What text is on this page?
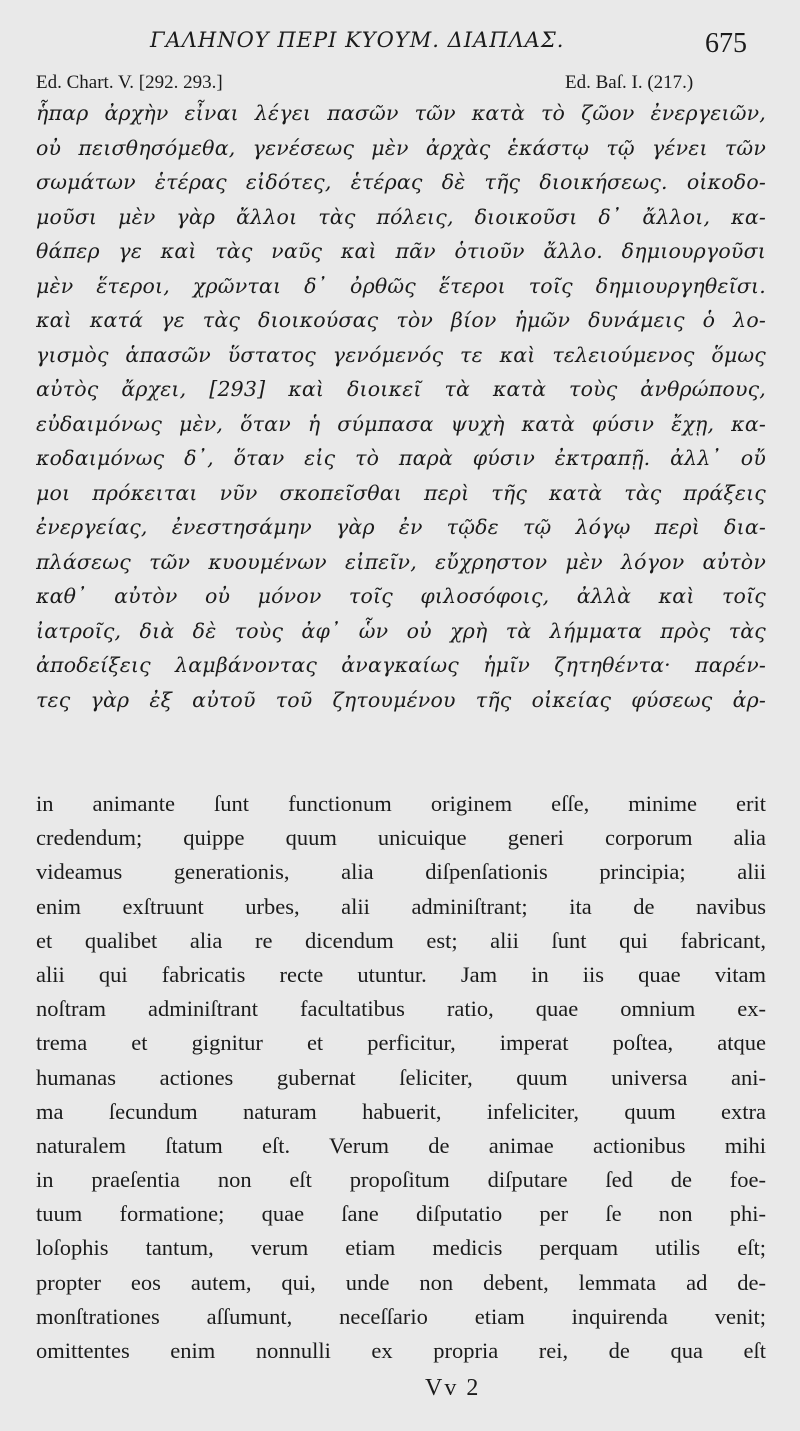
ΓΑΛΗΝΟΥ ΠΕΡΙ ΚΥΟΥΜ. ΔΙΑΠΛΑΣ.	675
Ed. Chart. V. [292. 293.]	Ed. Baſ. I. (217.)
ἧπαρ ἀρχὴν εἶναι λέγει πασῶν τῶν κατὰ τὸ ζῶον ἐνεργειῶν,
οὐ πεισθησόμεθα, γενέσεως μὲν ἀρχὰς ἑκάστῳ τῷ γένει τῶν
σωμάτων ἑτέρας εἰδότες, ἑτέρας δὲ τῆς διοικήσεως. οἰκοδο-
μοῦσι μὲν γὰρ ἄλλοι τὰς πόλεις, διοικοῦσι δ᾽ ἄλλοι, κα-
θάπερ γε καὶ τὰς ναῦς καὶ πᾶν ὁτιοῦν ἄλλο. δημιουργοῦσι
μὲν ἕτεροι, χρῶνται δ᾽ ὀρθῶς ἕτεροι τοῖς δημιουργηθεῖσι.
καὶ κατά γε τὰς διοικούσας τὸν βίον ἡμῶν δυνάμεις ὁ λο-
γισμὸς ἁπασῶν ὕστατος γενόμενός τε καὶ τελειούμενος ὅμως
αὐτὸς ἄρχει, [293] καὶ διοικεῖ τὰ κατὰ τοὺς ἀνθρώπους,
εὐδαιμόνως μὲν, ὅταν ἡ σύμπασα ψυχὴ κατὰ φύσιν ἔχῃ, κα-
κοδαιμόνως δ᾽, ὅταν εἰς τὸ παρὰ φύσιν ἐκτραπῇ. ἀλλ᾽ οὔ
μοι πρόκειται νῦν σκοπεῖσθαι περὶ τῆς κατὰ τὰς πράξεις
ἐνεργείας, ἐνεστησάμην γὰρ ἐν τῷδε τῷ λόγῳ περὶ δια-
πλάσεως τῶν κυουμένων εἰπεῖν, εὔχρηστον μὲν λόγον αὐτὸν
καθ᾽ αὐτὸν οὐ μόνον τοῖς φιλοσόφοις, ἀλλὰ καὶ τοῖς
ἰατροῖς, διὰ δὲ τοὺς ἀφ᾽ ὧν οὐ χρὴ τὰ λήμματα πρὸς τὰς
ἀποδείξεις λαμβάνοντας ἀναγκαίως ἡμῖν ζητηθέντα· παρέν-
τες γὰρ ἐξ αὐτοῦ τοῦ ζητουμένου τῆς οἰκείας φύσεως ἀρ-
in animante ſunt functionum originem eſſe, minime erit
credendum; quippe quum unicuique generi corporum alia
videamus generationis, alia diſpenſationis principia; alii
enim exſtruunt urbes, alii adminiſtrant; ita de navibus
et qualibet alia re dicendum est; alii ſunt qui fabricant,
alii qui fabricatis recte utuntur. Jam in iis quae vitam
noſtram adminiſtrant facultatibus ratio, quae omnium ex-
trema et gignitur et perficitur, imperat poſtea, atque
humanas actiones gubernat ſeliciter, quum universa ani-
ma ſecundum naturam habuerit, infeliciter, quum extra
naturalem ſtatum eſt. Verum de animae actionibus mihi
in praeſentia non eſt propoſitum diſputare ſed de foe-
tuum formatione; quae ſane diſputatio per ſe non phi-
loſophis tantum, verum etiam medicis perquam utilis eſt;
propter eos autem, qui, unde non debent, lemmata ad de-
monſtrationes aſſumunt, neceſſario etiam inquirenda venit;
omittentes enim nonnulli ex propria rei, de qua eſt
Vv 2
